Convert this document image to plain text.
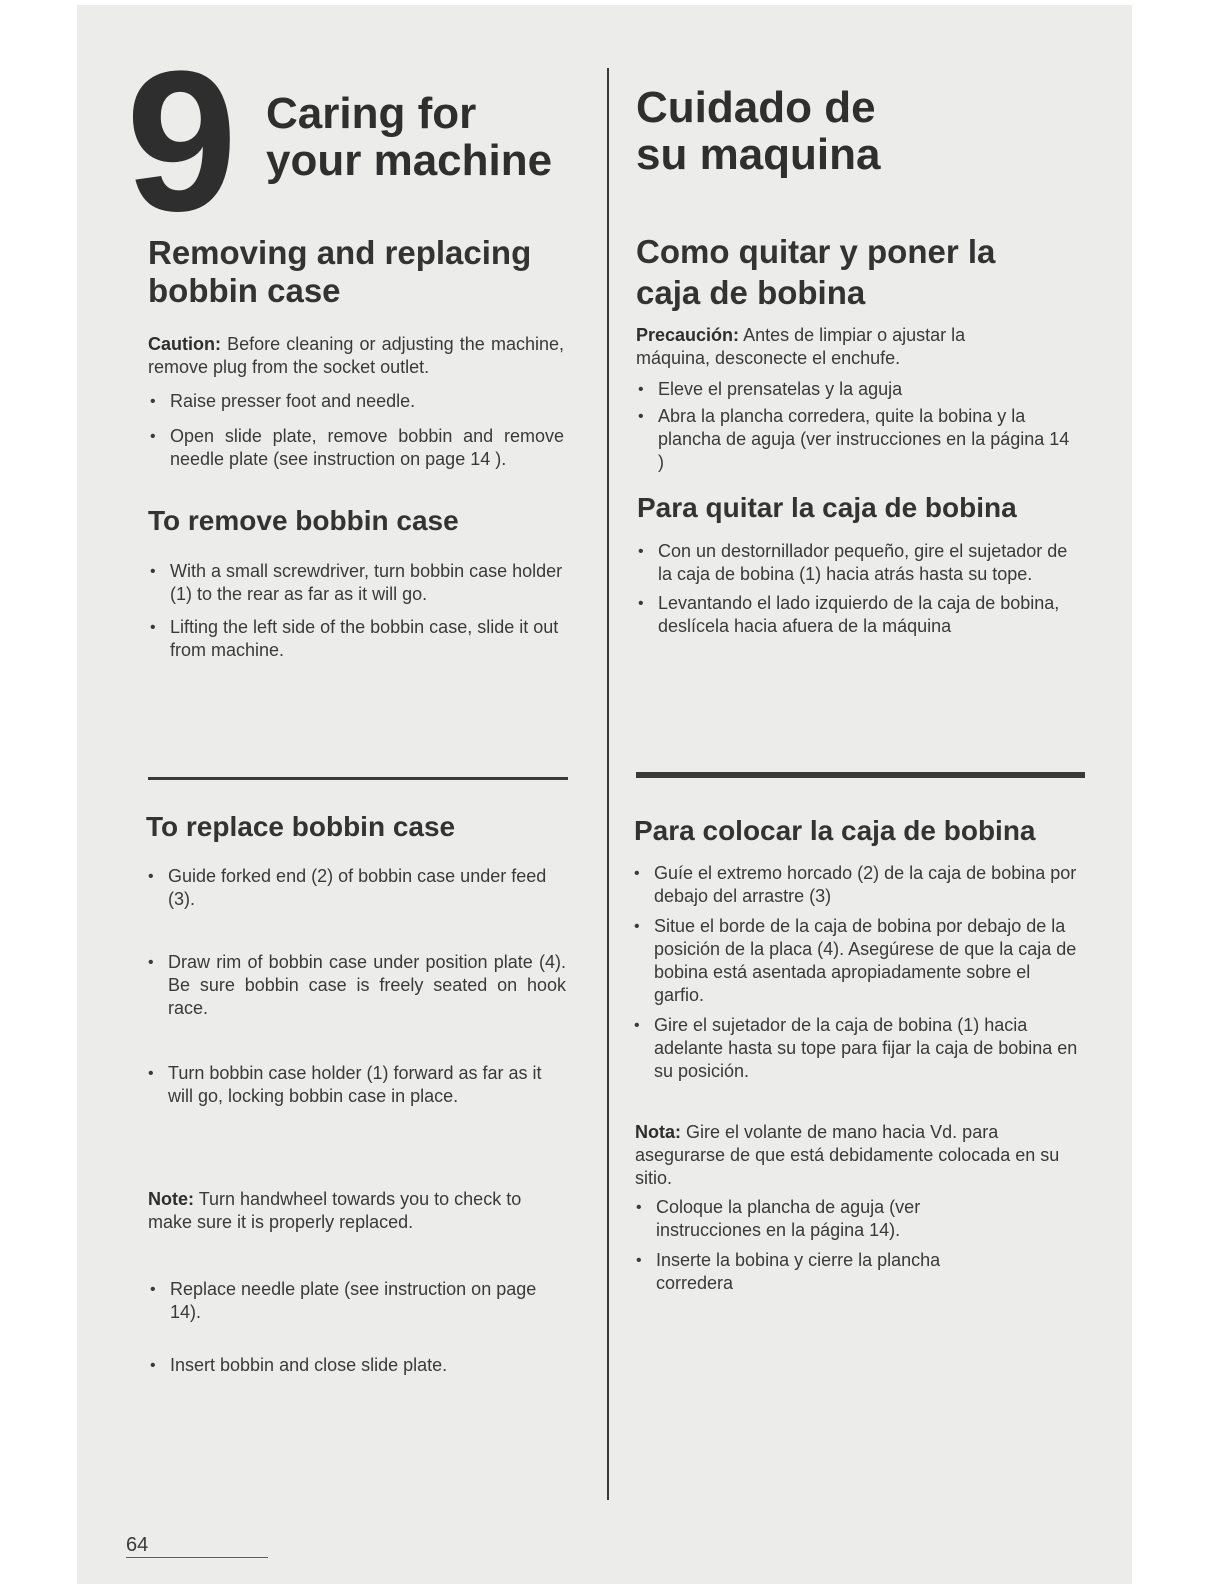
9 Caring for
your machine
Cuidado de
su maquina
Removing and replacing
bobbin case
Caution: Before cleaning or adjusting the machine, remove plug from the socket outlet.
• Raise presser foot and needle.
• Open slide plate, remove bobbin and remove needle plate (see instruction on page 14 ).
To remove bobbin case
• With a small screwdriver, turn bobbin case holder (1) to the rear as far as it will go.
• Lifting the left side of the bobbin case, slide it out from machine.
To replace bobbin case
• Guide forked end (2) of bobbin case under feed (3).
• Draw rim of bobbin case under position plate (4). Be sure bobbin case is freely seated on hook race.
• Turn bobbin case holder (1) forward as far as it will go, locking bobbin case in place.
Note: Turn handwheel towards you to check to make sure it is properly replaced.
• Replace needle plate (see instruction on page 14).
• Insert bobbin and close slide plate.
Como quitar y poner la
caja de bobina
Precaución: Antes de limpiar o ajustar la máquina, desconecte el enchufe.
• Eleve el prensatelas y la aguja
• Abra la plancha corredera, quite la bobina y la plancha de aguja (ver instrucciones en la página 14 )
Para quitar la caja de bobina
• Con un destornillador pequeño, gire el sujetador de la caja de bobina (1) hacia atrás hasta su tope.
• Levantando el lado izquierdo de la caja de bobina, deslícela hacia afuera de la máquina
Para colocar la caja de bobina
• Guíe el extremo horcado (2) de la caja de bobina por debajo del arrastre (3)
• Situe el borde de la caja de bobina por debajo de la posición de la placa (4). Asegúrese de que la caja de bobina está asentada apropiadamente sobre el garfio.
• Gire el sujetador de la caja de bobina (1) hacia adelante hasta su tope para fijar la caja de bobina en su posición.
Nota: Gire el volante de mano hacia Vd. para asegurarse de que está debidamente colocada en su sitio.
• Coloque la plancha de aguja (ver instrucciones en la página 14).
• Inserte la bobina y cierre la plancha corredera
64
